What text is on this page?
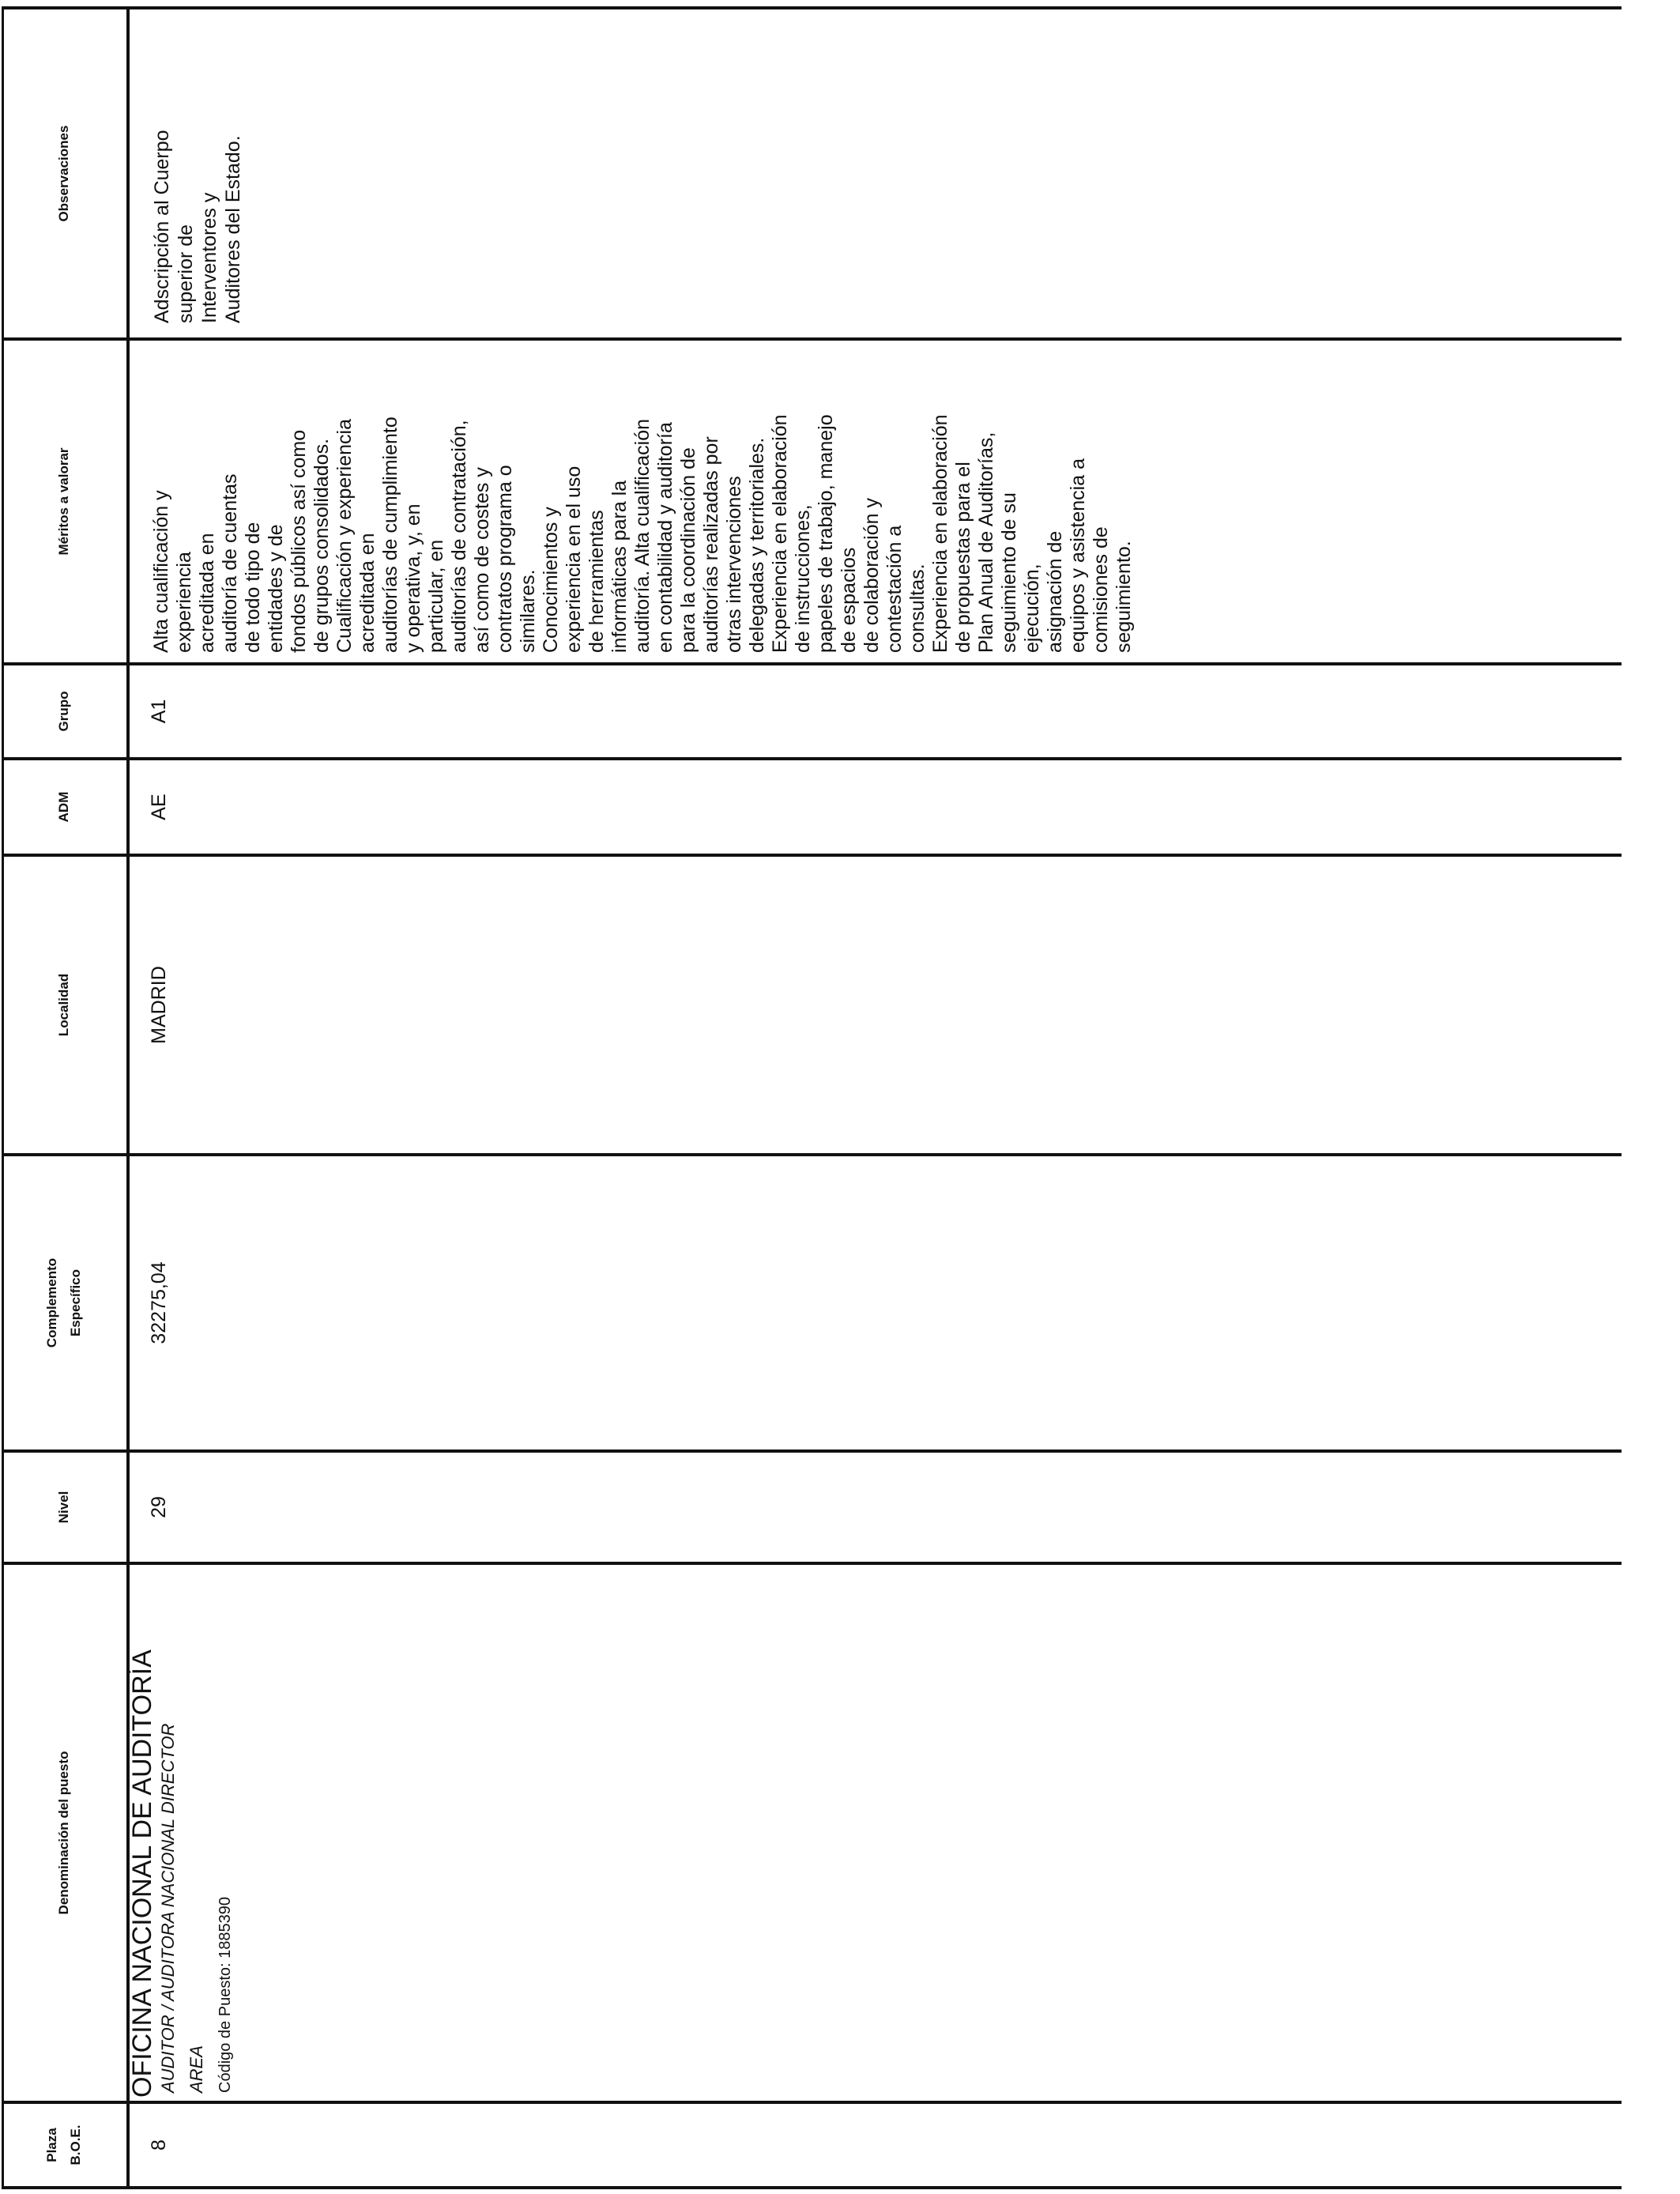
Plaza B.O.E.
Denominación del puesto
Nivel
Complemento Específico
Localidad
ADM
Grupo
Méritos a valorar
Observaciones
8
OFICINA NACIONAL DE AUDITORÍA AUDITOR / AUDITORA NACIONAL DIRECTOR AREA Código de Puesto: 1885390
29
32275,04
MADRID
AE
A1
Alta cualificación y experiencia acreditada en auditoría de cuentas de todo tipo de entidades y de fondos públicos así como de grupos consolidados. Cualificación y experiencia acreditada en auditorías de cumplimiento y operativa, y, en particular, en auditorías de contratación, así como de costes y contratos programa o similares. Conocimientos y experiencia en el uso de herramientas informáticas para la auditoría. Alta cualificación en contabilidad y auditoría para la coordinación de auditorías realizadas por otras intervenciones delegadas y territoriales. Experiencia en elaboración de instrucciones, papeles de trabajo, manejo de espacios de colaboración y contestación a consultas. Experiencia en elaboración de propuestas para el Plan Anual de Auditorías, seguimiento de su ejecución, asignación de equipos y asistencia a comisiones de seguimiento.
Adscripción al Cuerpo superior de Interventores y Auditores del Estado.
